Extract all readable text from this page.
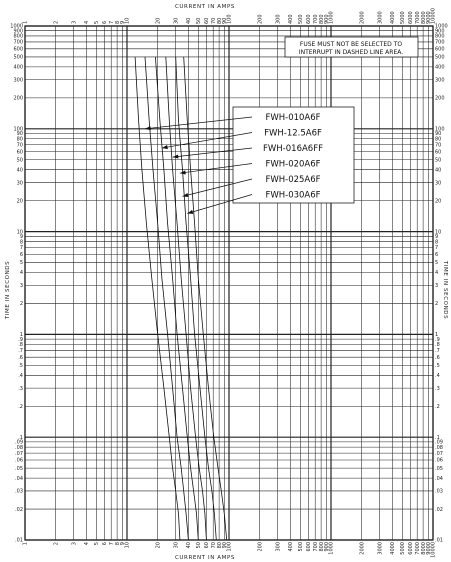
1	2 3 4 5 6 7 8 9
10	20 30 40 50 60 70 80 90
100	200 300 400 500 600 700 800 900
1000	2000 3000 4000 5000 6000 7000 8000 9000
10000
1	2 3 4 5 6 7 8 9
10	20 30 40 50 60 70 80 90
100	200 300 400 500 600 700 800 900
1000	2000 3000 4000 5000 6000 7000 8000 9000
10000
1000
900
800
700
600
500
400
300
200
100
90
80
70
60
50
40
30
20
10
9
8
7
6
5
4
3
2
1
.9
.8
.7
.6
.5
.4
.3
.2
.1
.09
.08
.07
.06
.05
.04
.03
.02
.01
1000
900
800
700
600
500
400
300
200
100
90
80
70
60
50
40
30
20
10
9
8
7
6
5
4
3
2
1
.9
.8
.7
.6
.5
.4
.3
.2
.1
.09
.08
.07
.06
.05
.04
.03
.02
.01
CURRENT IN AMPS
CURRENT IN AMPS
TIME IN SECONDS	TIME IN SECONDS
FUSE MUST NOT BE SELECTED TO
INTERRUPT IN DASHED LINE AREA.
FWH-010A6F
FWH-12.5A6F
FWH-016A6FF
FWH-020A6F
FWH-025A6F
FWH-030A6F
